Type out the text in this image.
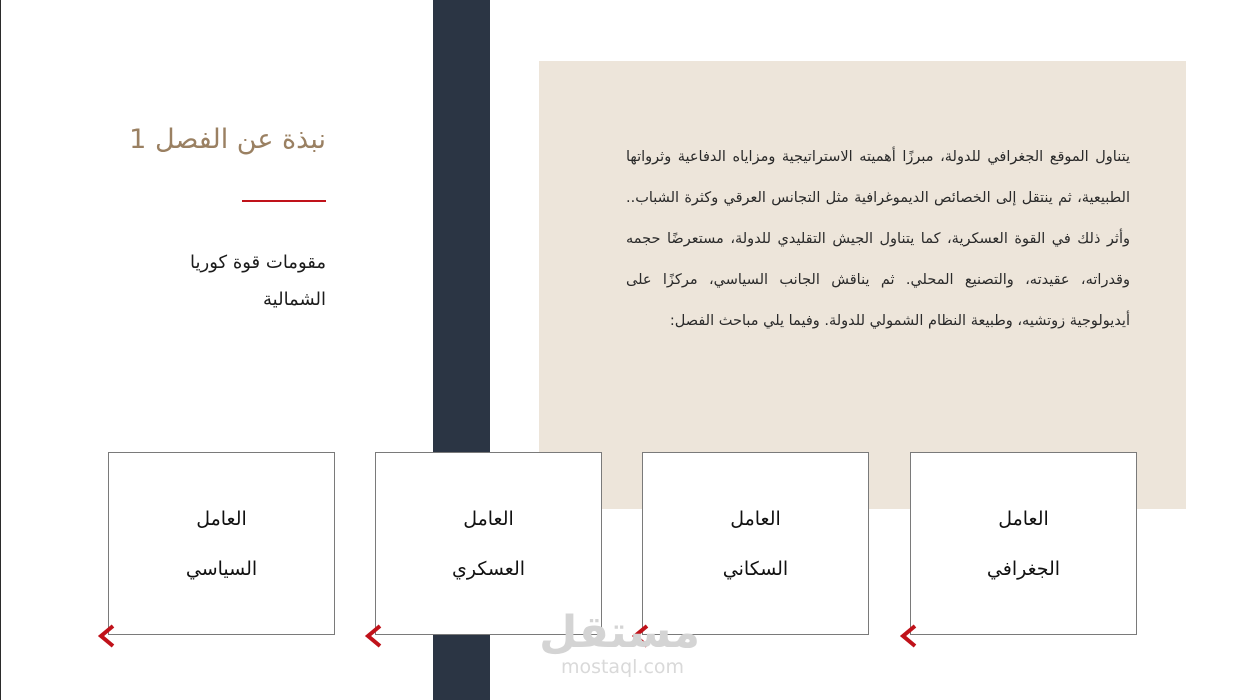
نبذة عن الفصل 1
مقومات قوة كوريا
الشمالية
يتناول الموقع الجغرافي للدولة، مبرزًا أهميته الاستراتيجية ومزاياه الدفاعية وثرواتها الطبيعية، ثم ينتقل إلى الخصائص الديموغرافية مثل التجانس العرقي وكثرة الشباب.. وأثر ذلك في القوة العسكرية، كما يتناول الجيش التقليدي للدولة، مستعرضًا حجمه وقدراته، عقيدته، والتصنيع المحلي. ثم يناقش الجانب السياسي، مركزًا على أيديولوجية زوتشيه، وطبيعة النظام الشمولي للدولة. وفيما يلي مباحث الفصل:
العامل
الجغرافي
العامل
السكاني
العامل
العسكري
العامل
السياسي
مستقل
mostaql.com
